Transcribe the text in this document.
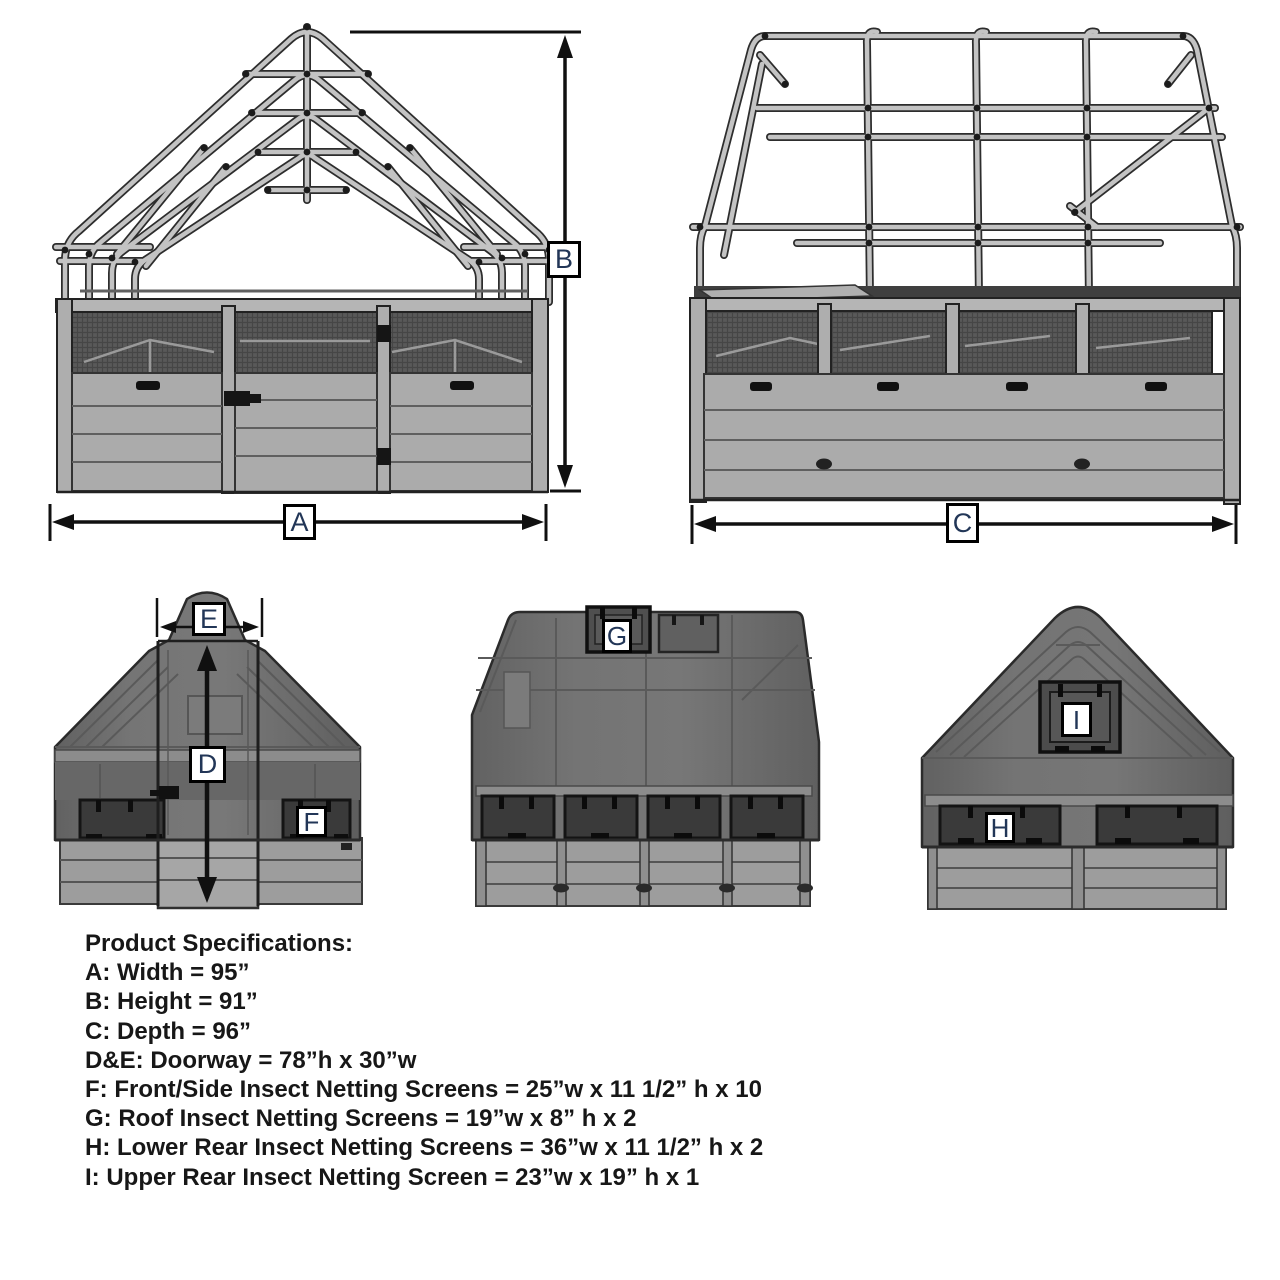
A
B
C
E
D
F
G
I
H
Product Specifications:
A: Width = 95”
B: Height = 91”
C: Depth = 96”
D&E: Doorway = 78”h x 30”w
F: Front/Side Insect Netting Screens = 25”w x 11 1/2” h x 10
G: Roof Insect Netting Screens = 19”w x 8” h x 2
H: Lower Rear Insect Netting Screens = 36”w x 11 1/2” h x 2
I: Upper Rear Insect Netting Screen = 23”w x 19” h x 1
